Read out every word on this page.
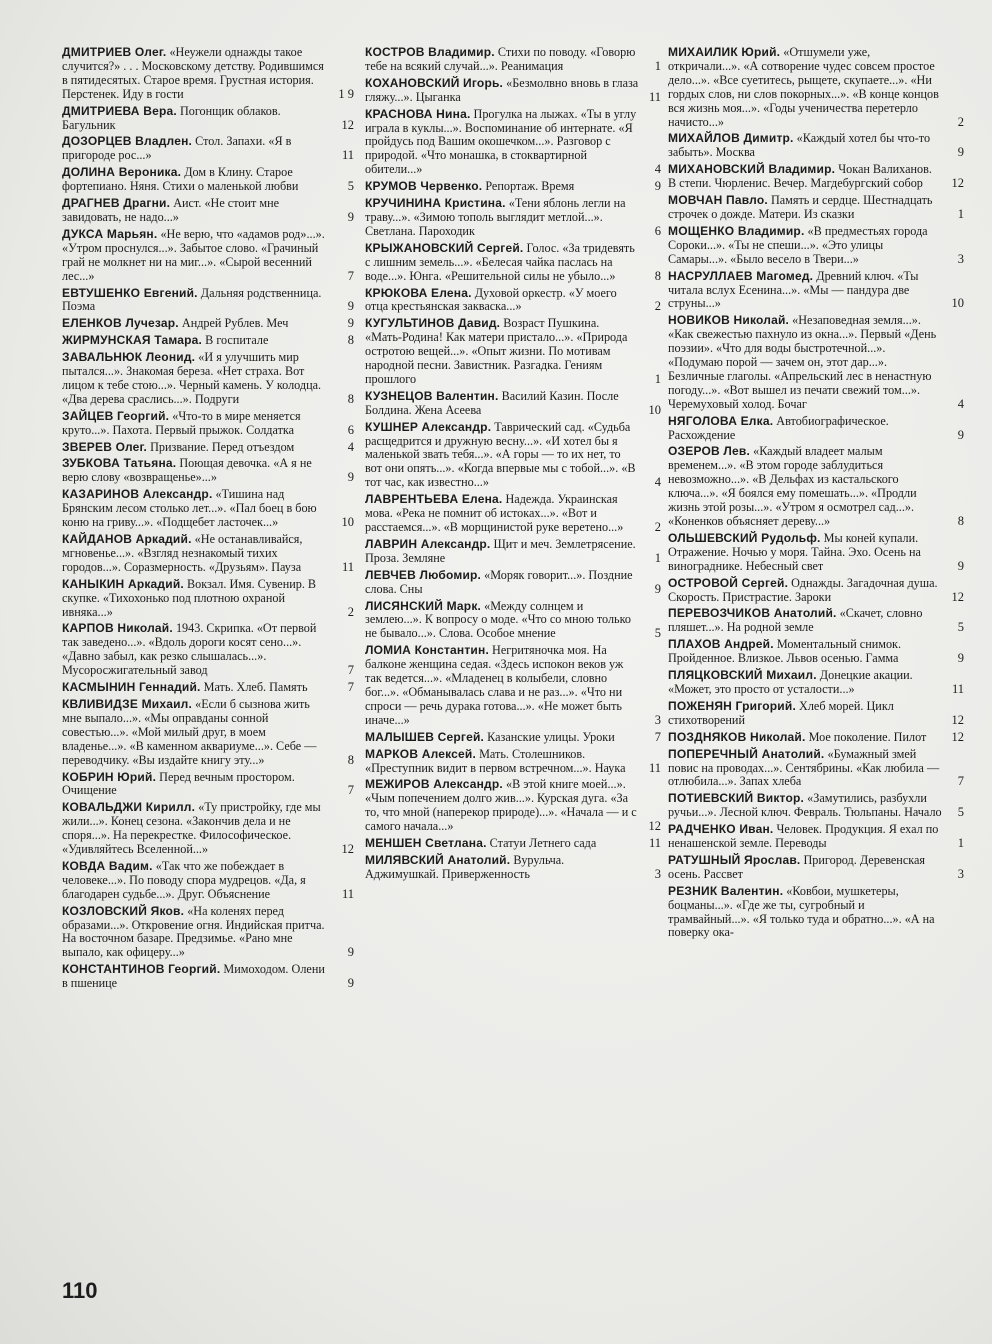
ДМИТРИЕВ Олег. «Неужели однажды такое случится?» . . . Московскому детству. Родившимся в пятидесятых. Старое время. Грустная история. Перстенек. Иду в гости	1 9
ДМИТРИЕВА Вера. Погонщик облаков. Багульник	12
ДОЗОРЦЕВ Владлен. Стол. Запахи. «Я в пригороде рос...»	11
ДОЛИНА Вероника. Дом в Клину. Старое фортепиано. Няня. Стихи о маленькой любви	5
ДРАГНЕВ Драгни. Аист. «Не стоит мне завидовать, не надо...»	9
ДУКСА Марьян. «Не верю, что «адамов род»...». «Утром проснулся...». Забытое слово. «Грачиный грай не молкнет ни на миг...». «Сырой весенний лес...»	7
ЕВТУШЕНКО Евгений. Дальняя родственница. Поэма	9
ЕЛЕНКОВ Лучезар. Андрей Рублев. Меч	9
ЖИРМУНСКАЯ Тамара. В госпитале	8
ЗАВАЛЬНЮК Леонид. «И я улучшить мир пытался...». Знакомая береза. «Нет страха. Вот лицом к тебе стою...». Черный камень. У колодца. «Два дерева сраслись...». Подруги	8
ЗАЙЦЕВ Георгий. «Что-то в мире меняется круто...». Пахота. Первый прыжок. Солдатка	6
ЗВЕРЕВ Олег. Призвание. Перед отъездом	4
ЗУБКОВА Татьяна. Поющая девочка. «А я не верю слову «возвращенье»...»	9
КАЗАРИНОВ Александр. «Тишина над Брянским лесом столько лет...». «Пал боец в бою коню на гриву...». «Подщебет ласточек...»	10
КАЙДАНОВ Аркадий. «Не останавливайся, мгновенье...». «Взгляд незнакомый тихих городов...». Соразмерность. «Друзьям». Пауза	11
КАНЫКИН Аркадий. Вокзал. Имя. Сувенир. В скупке. «Тихохонько под плотною охраной ивняка...»	2
КАРПОВ Николай. 1943. Скрипка. «От первой так заведено...». «Вдоль дороги косят сено...». «Давно забыл, как резко слышалась...». Мусоросжигательный завод	7
КАСМЫНИН Геннадий. Мать. Хлеб. Память	7
КВЛИВИДЗЕ Михаил. «Если б сызнова жить мне выпало...». «Мы оправданы сонной совестью...». «Мой милый друг, в моем владенье...». «В каменном аквариуме...». Себе — переводчику. «Вы издайте книгу эту...»	8
КОБРИН Юрий. Перед вечным простором. Очищение	7
КОВАЛЬДЖИ Кирилл. «Ту пристройку, где мы жили...». Конец сезона. «Закончив дела и не споря...». На перекрестке. Философическое. «Удивляйтесь Вселенной...»	12
КОВДА Вадим. «Так что же побеждает в человеке...». По поводу спора мудрецов. «Да, я благодарен судьбе...». Друг. Объяснение	11
КОЗЛОВСКИЙ Яков. «На коленях перед образами...». Откровение огня. Индийская притча. На восточном базаре. Предзимье. «Рано мне выпало, как офицеру...»	9
КОНСТАНТИНОВ Георгий. Мимоходом. Олени в пшенице	9
КОСТРОВ Владимир. Стихи по поводу. «Говорю тебе на всякий случай...». Реанимация	1
КОХАНОВСКИЙ Игорь. «Безмолвно вновь в глаза гляжу...». Цыганка	11
КРАСНОВА Нина. Прогулка на лыжах. «Ты в углу играла в куклы...». Воспоминание об интернате. «Я пройдусь под Вашим окошечком...». Разговор с природой. «Что монашка, в стоквартирной обители...»	4
КРУМОВ Червенко. Репортаж. Время	9
КРУЧИНИНА Кристина. «Тени яблонь легли на траву...». «Зимою тополь выглядит метлой...». Светлана. Пароходик	6
КРЫЖАНОВСКИЙ Сергей. Голос. «За тридевять с лишним земель...». «Белесая чайка паслась на воде...». Юнга. «Решительной силы не убыло...»	8
КРЮКОВА Елена. Духовой оркестр. «У моего отца крестьянская закваска...»	2
КУГУЛЬТИНОВ Давид. Возраст Пушкина. «Мать-Родина! Как матери пристало...». «Природа остротою вещей...». «Опыт жизни. По мотивам народной песни. Завистник. Разгадка. Гениям прошлого	1
КУЗНЕЦОВ Валентин. Василий Казин. После Болдина. Жена Асеева	10
КУШНЕР Александр. Таврический сад. «Судьба расщедрится и дружную весну...». «И хотел бы я маленькой звать тебя...». «А горы — то их нет, то вот они опять...». «Когда впервые мы с тобой...». «В тот час, как известно...»	4
ЛАВРЕНТЬЕВА Елена. Надежда. Украинская мова. «Река не помнит об истоках...». «Вот и расстаемся...». «В морщинистой руке веретено...»	2
ЛАВРИН Александр. Щит и меч. Землетрясение. Проза. Земляне	1
ЛЕВЧЕВ Любомир. «Моряк говорит...». Поздние слова. Сны	9
ЛИСЯНСКИЙ Марк. «Между солнцем и землею...». К вопросу о моде. «Что со мною только не бывало...». Слова. Особое мнение	5
ЛОМИА Константин. Негритяночка моя. На балконе женщина седая. «Здесь испокон веков уж так ведется...». «Младенец в колыбели, словно бог...». «Обманывалась слава и не раз...». «Что ни спроси — речь дурака готова...». «Не может быть иначе...»	3
МАЛЫШЕВ Сергей. Казанские улицы. Уроки	7
МАРКОВ Алексей. Мать. Столешников. «Преступник видит в первом встречном...». Наука	11
МЕЖИРОВ Александр. «В этой книге моей...». «Чым попечением долго жив...». Курская дуга. «За то, что мной (наперекор природе)...». «Начала — и с самого начала...»	12
МЕНШЕН Светлана. Статуи Летнего сада	11
МИЛЯВСКИЙ Анатолий. Вурульча. Аджимушкай. Приверженность	3
МИХАИЛИК Юрий. «Отшумели уже, откричали...». «А сотворение чудес совсем простое дело...». «Все суетитесь, рыщете, скупаете...». «Ни гордых слов, ни слов покорных...». «В конце концов вся жизнь моя...». «Годы ученичества перетерло начисто...»	2
МИХАЙЛОВ Димитр. «Каждый хотел бы что-то забыть». Москва	9
МИХАНОВСКИЙ Владимир. Чокан Валиханов. В степи. Чюрленис. Вечер. Магдебургский собор	12
МОВЧАН Павло. Память и сердце. Шестнадцать строчек о дожде. Матери. Из сказки	1
МОЩЕНКО Владимир. «В предместьях города Сороки...». «Ты не спеши...». «Это улицы Самары...». «Было весело в Твери...»	3
НАСРУЛЛАЕВ Магомед. Древний ключ. «Ты читала вслух Есенина...». «Мы — пандура две струны...»	10
НОВИКОВ Николай. «Незаповедная земля...». «Как свежестью пахнуло из окна...». Первый «День поэзии». «Что для воды быстротечной...». «Подумаю порой — зачем он, этот дар...». Безличные глаголы. «Апрельский лес в ненастную погоду...». «Вот вышел из печати свежий том...». Черемуховый холод. Бочаг	4
НЯГОЛОВА Елка. Автобиографическое. Расхождение	9
ОЗЕРОВ Лев. «Каждый владеет малым временем...». «В этом городе заблудиться невозможно...». «В Дельфах из кастальского ключа...». «Я боялся ему помешать...». «Продли жизнь этой розы...». «Утром я осмотрел сад...». «Коненков объясняет дереву...»	8
ОЛЬШЕВСКИЙ Рудольф. Мы коней купали. Отражение. Ночью у моря. Тайна. Эхо. Осень на винограднике. Небесный свет	9
ОСТРОВОЙ Сергей. Однажды. Загадочная душа. Скорость. Пристрастие. Зароки	12
ПЕРЕВОЗЧИКОВ Анатолий. «Скачет, словно пляшет...». На родной земле	5
ПЛАХОВ Андрей. Моментальный снимок. Пройденное. Влизкое. Львов осенью. Гамма	9
ПЛЯЦКОВСКИЙ Михаил. Донецкие акации. «Может, это просто от усталости...»	11
ПОЖЕНЯН Григорий. Хлеб морей. Цикл стихотворений	12
ПОЗДНЯКОВ Николай. Мое поколение. Пилот	12
ПОПЕРЕЧНЫЙ Анатолий. «Бумажный змей повис на проводах...». Сентябрины. «Как любила — отлюбила...». Запах хлеба	7
ПОТИЕВСКИЙ Виктор. «Замутились, разбухли ручьи...». Лесной ключ. Февраль. Тюльпаны. Начало	5
РАДЧЕНКО Иван. Человек. Продукция. Я ехал по ненашенской земле. Переводы	1
РАТУШНЫЙ Ярослав. Пригород. Деревенская осень. Рассвет	3
РЕЗНИК Валентин. «Ковбои, мушкетеры, боцманы...». «Где же ты, сугробный и трамвайный...». «Я только туда и обратно...». «А на поверку ока-
110
